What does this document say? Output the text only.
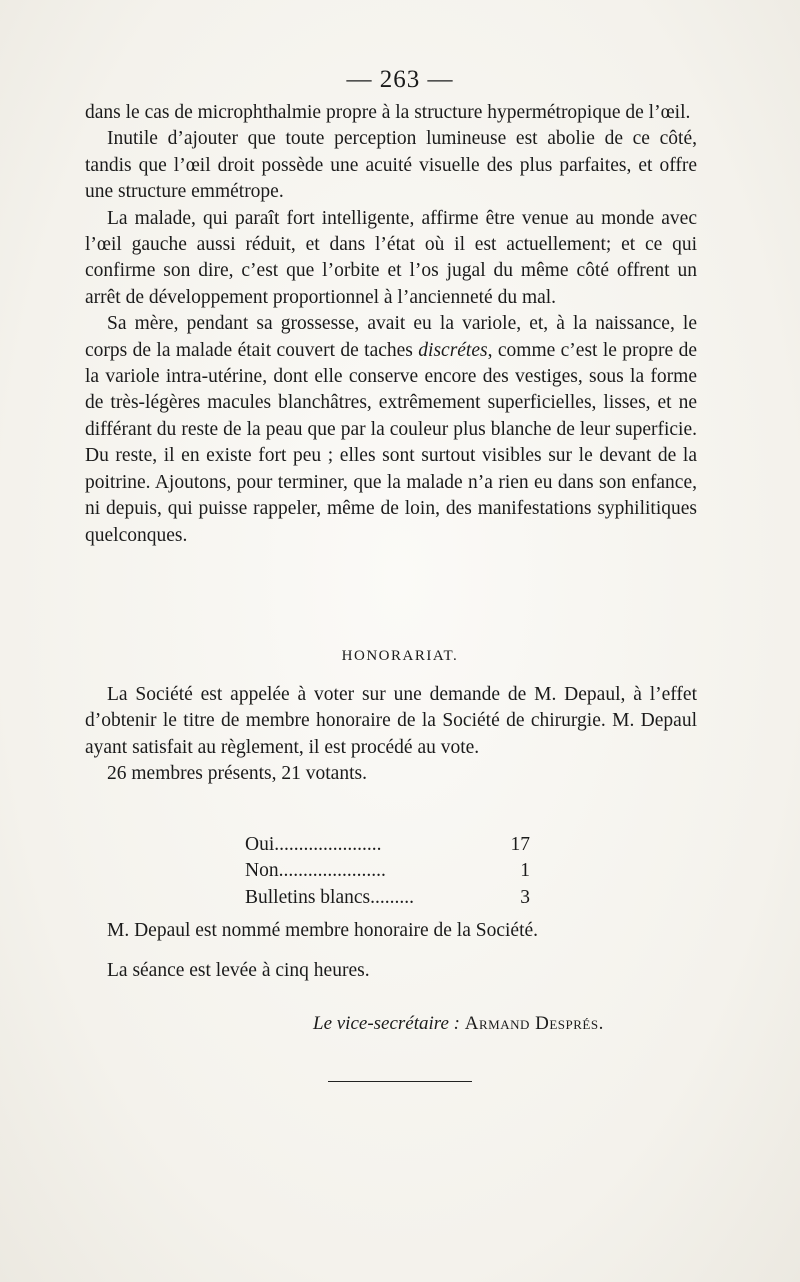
— 263 —

dans le cas de microphthalmie propre à la structure hypermétropique de l’œil.

Inutile d’ajouter que toute perception lumineuse est abolie de ce côté, tandis que l’œil droit possède une acuité visuelle des plus parfaites, et offre une structure emmétrope.

La malade, qui paraît fort intelligente, affirme être venue au monde avec l’œil gauche aussi réduit, et dans l’état où il est actuellement; et ce qui confirme son dire, c’est que l’orbite et l’os jugal du même côté offrent un arrêt de développement proportionnel à l’ancienneté du mal.

Sa mère, pendant sa grossesse, avait eu la variole, et, à la naissance, le corps de la malade était couvert de taches discrétes, comme c’est le propre de la variole intra-utérine, dont elle conserve encore des vestiges, sous la forme de très-légères macules blanchâtres, extrêmement superficielles, lisses, et ne différant du reste de la peau que par la couleur plus blanche de leur superficie. Du reste, il en existe fort peu ; elles sont surtout visibles sur le devant de la poitrine. Ajoutons, pour terminer, que la malade n’a rien eu dans son enfance, ni depuis, qui puisse rappeler, même de loin, des manifestations syphilitiques quelconques.

HONORARIAT.

La Société est appelée à voter sur une demande de M. Depaul, à l’effet d’obtenir le titre de membre honoraire de la Société de chirurgie. M. Depaul ayant satisfait au règlement, il est procédé au vote.

26 membres présents, 21 votants.

Oui......................	17
Non......................	1
Bulletins blancs.........	3
M. Depaul est nommé membre honoraire de la Société.
La séance est levée à cinq heures.
Le vice-secrétaire : Armand Després.
